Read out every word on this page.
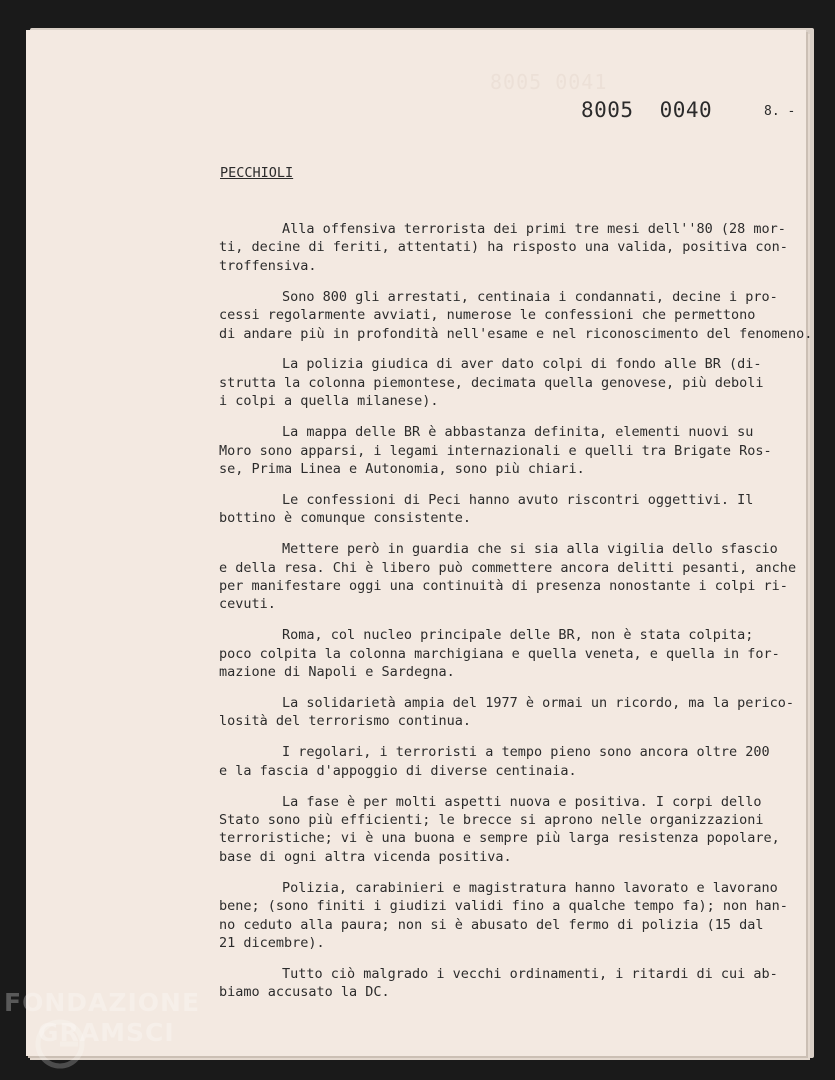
8005 0041
8005 0040	8. -
PECCHIOLI
Alla offensiva terrorista dei primi tre mesi dell''80 (28 mor-
ti, decine di feriti, attentati) ha risposto una valida, positiva con-
troffensiva.
Sono 800 gli arrestati, centinaia i condannati, decine i pro-
cessi regolarmente avviati, numerose le confessioni che permettono
di andare più in profondità nell'esame e nel riconoscimento del fenomeno.
La polizia giudica di aver dato colpi di fondo alle BR (di-
strutta la colonna piemontese, decimata quella genovese, più deboli
i colpi a quella milanese).
La mappa delle BR è abbastanza definita, elementi nuovi su
Moro sono apparsi, i legami internazionali e quelli tra Brigate Ros-
se, Prima Linea e Autonomia, sono più chiari.
Le confessioni di Peci hanno avuto riscontri oggettivi. Il
bottino è comunque consistente.
Mettere però in guardia che si sia alla vigilia dello sfascio
e della resa. Chi è libero può commettere ancora delitti pesanti, anche
per manifestare oggi una continuità di presenza nonostante i colpi ri-
cevuti.
Roma, col nucleo principale delle BR, non è stata colpita;
poco colpita la colonna marchigiana e quella veneta, e quella in for-
mazione di Napoli e Sardegna.
La solidarietà ampia del 1977 è ormai un ricordo, ma la perico-
losità del terrorismo continua.
I regolari, i terroristi a tempo pieno sono ancora oltre 200
e la fascia d'appoggio di diverse centinaia.
La fase è per molti aspetti nuova e positiva. I corpi dello
Stato sono più efficienti; le brecce si aprono nelle organizzazioni
terroristiche; vi è una buona e sempre più larga resistenza popolare,
base di ogni altra vicenda positiva.
Polizia, carabinieri e magistratura hanno lavorato e lavorano
bene; (sono finiti i giudizi validi fino a qualche tempo fa); non han-
no ceduto alla paura; non si è abusato del fermo di polizia (15 dal
21 dicembre).
Tutto ciò malgrado i vecchi ordinamenti, i ritardi di cui ab-
biamo accusato la DC.
FONDAZIONE
GRAMSCI
